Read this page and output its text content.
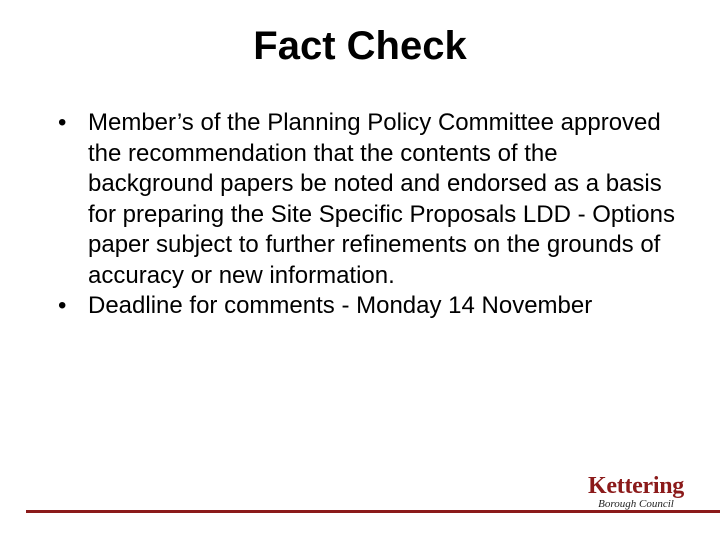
Fact Check
• Member’s of the Planning Policy Committee approved the recommendation that the contents of the background papers be noted and endorsed as a basis for preparing the Site Specific Proposals LDD - Options paper subject to further refinements on the grounds of accuracy or new information.
• Deadline for comments - Monday 14 November
Kettering
Borough Council
